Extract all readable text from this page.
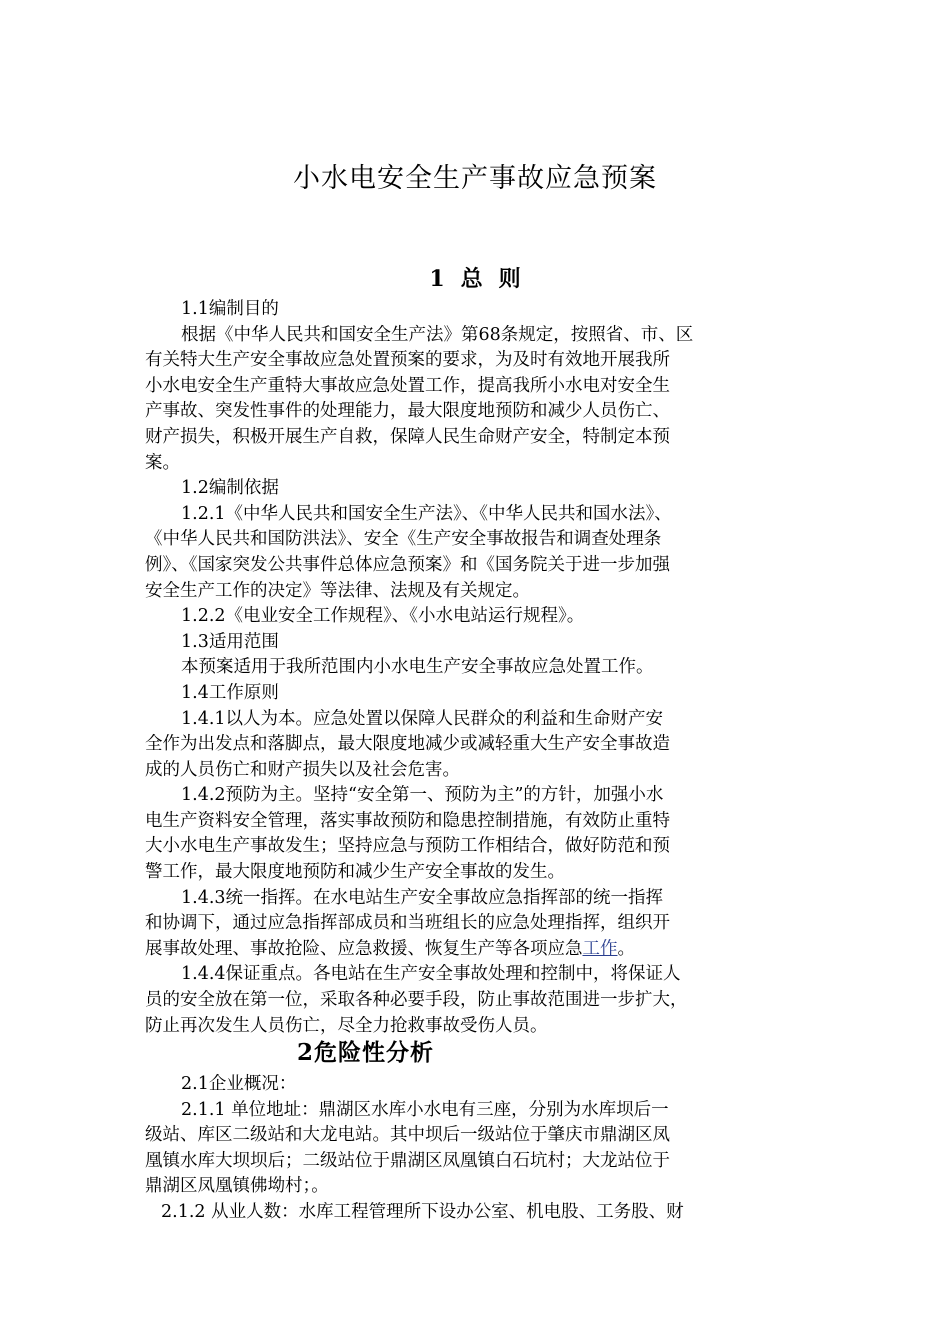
小水电安全生产事故应急预案
1 总 则
1.1编制目的
根据《中华人民共和国安全生产法》第68条规定，按照省、市、区
有关特大生产安全事故应急处置预案的要求，为及时有效地开展我所
小水电安全生产重特大事故应急处置工作，提高我所小水电对安全生
产事故、突发性事件的处理能力，最大限度地预防和减少人员伤亡、
财产损失，积极开展生产自救，保障人民生命财产安全，特制定本预
案。
1.2编制依据
1.2.1《中华人民共和国安全生产法》、《中华人民共和国水法》、
《中华人民共和国防洪法》、安全《生产安全事故报告和调查处理条
例》、《国家突发公共事件总体应急预案》和《国务院关于进一步加强
安全生产工作的决定》等法律、法规及有关规定。
1.2.2《电业安全工作规程》、《小水电站运行规程》。
1.3适用范围
本预案适用于我所范围内小水电生产安全事故应急处置工作。
1.4工作原则
1.4.1以人为本。应急处置以保障人民群众的利益和生命财产安
全作为出发点和落脚点，最大限度地减少或减轻重大生产安全事故造
成的人员伤亡和财产损失以及社会危害。
1.4.2预防为主。坚持“安全第一、预防为主”的方针，加强小水
电生产资料安全管理，落实事故预防和隐患控制措施，有效防止重特
大小水电生产事故发生；坚持应急与预防工作相结合，做好防范和预
警工作，最大限度地预防和减少生产安全事故的发生。
1.4.3统一指挥。在水电站生产安全事故应急指挥部的统一指挥
和协调下，通过应急指挥部成员和当班组长的应急处理指挥，组织开
展事故处理、事故抢险、应急救援、恢复生产等各项应急工作。
1.4.4保证重点。各电站在生产安全事故处理和控制中，将保证人
员的安全放在第一位，采取各种必要手段，防止事故范围进一步扩大，
防止再次发生人员伤亡，尽全力抢救事故受伤人员。
2危险性分析
2.1企业概况：
2.1.1 单位地址：鼎湖区水库小水电有三座，分别为水库坝后一
级站、库区二级站和大龙电站。其中坝后一级站位于肇庆市鼎湖区凤
凰镇水库大坝坝后；二级站位于鼎湖区凤凰镇白石坑村；大龙站位于
鼎湖区凤凰镇佛坳村；。
2.1.2 从业人数：水库工程管理所下设办公室、机电股、工务股、财
